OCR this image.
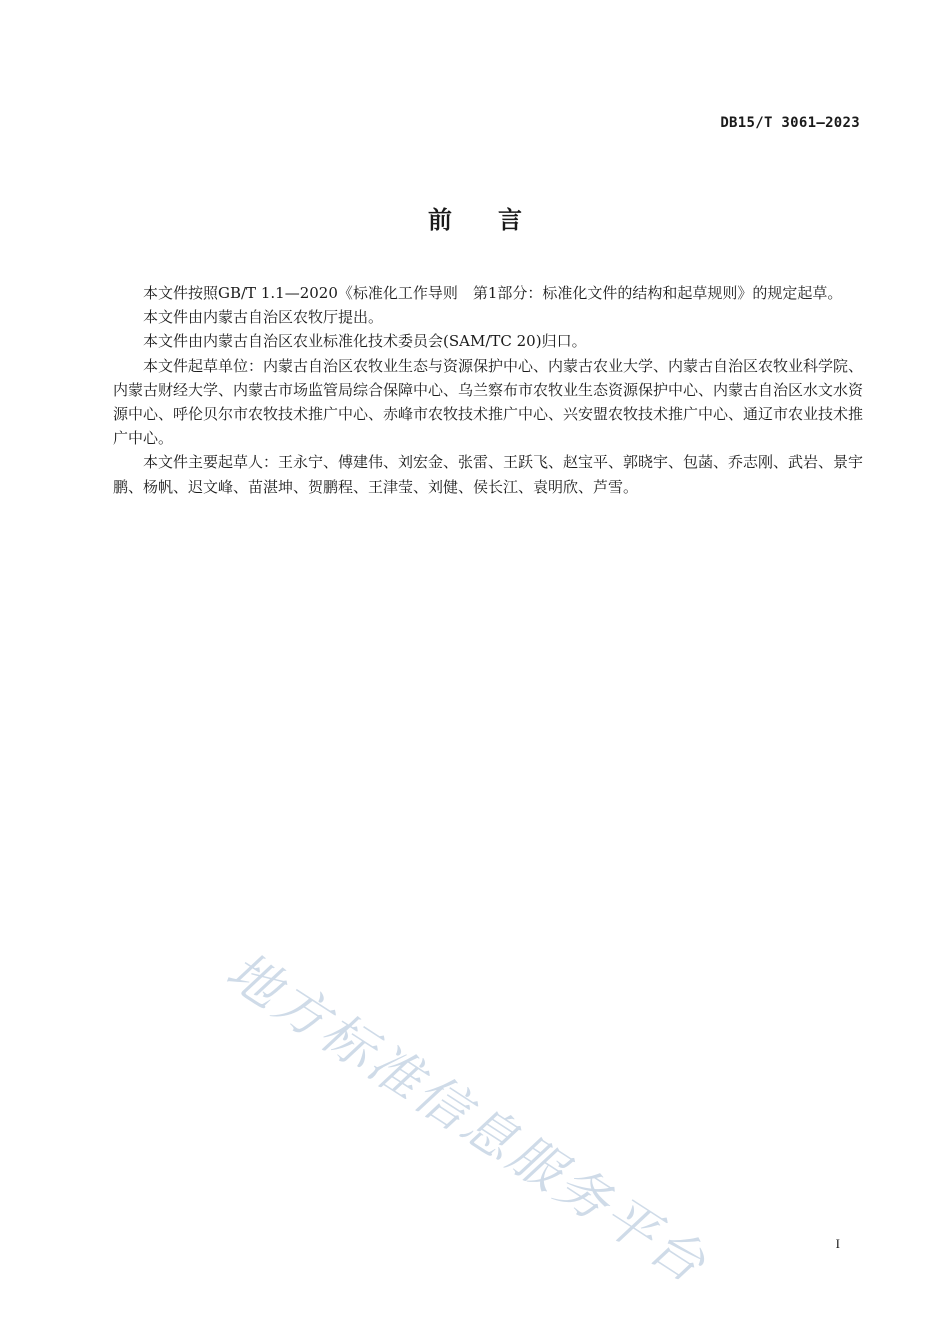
DB15/T 3061—2023
前言

本文件按照GB/T 1.1—2020《标准化工作导则　第1部分：标准化文件的结构和起草规则》的规定起草。

本文件由内蒙古自治区农牧厅提出。

本文件由内蒙古自治区农业标准化技术委员会(SAM/TC 20)归口。

本文件起草单位：内蒙古自治区农牧业生态与资源保护中心、内蒙古农业大学、内蒙古自治区农牧业科学院、内蒙古财经大学、内蒙古市场监管局综合保障中心、乌兰察布市农牧业生态资源保护中心、内蒙古自治区水文水资源中心、呼伦贝尔市农牧技术推广中心、赤峰市农牧技术推广中心、兴安盟农牧技术推广中心、通辽市农业技术推广中心。

本文件主要起草人：王永宁、傅建伟、刘宏金、张雷、王跃飞、赵宝平、郭晓宇、包菡、乔志刚、武岩、景宇鹏、杨帆、迟文峰、苗湛坤、贺鹏程、王津莹、刘健、侯长江、袁明欣、芦雪。

地方标准信息服务平台	I
